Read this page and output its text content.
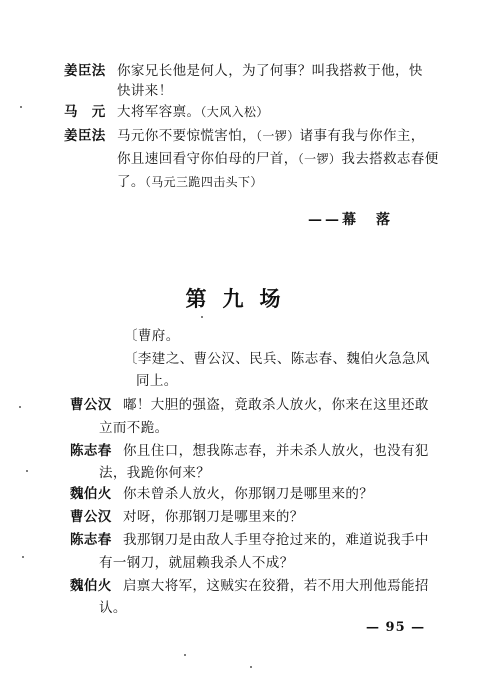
姜臣法 你家兄长他是何人，为了何事？叫我搭救于他，快
快讲来！
马　元 大将军容禀。（大风入松）
姜臣法 马元你不要惊慌害怕，（一锣）诸事有我与你作主，
你且速回看守你伯母的尸首，（一锣）我去搭救志春便
了。（马元三跪四击头下）
——幕　落
第九场
〔曹府。
〔李建之、曹公汉、民兵、陈志春、魏伯火急急风
同上。
曹公汉 嘟！大胆的强盗，竟敢杀人放火，你来在这里还敢
立而不跪。
陈志春 你且住口，想我陈志春，并未杀人放火，也没有犯
法，我跪你何来？
魏伯火 你未曾杀人放火，你那钢刀是哪里来的？
曹公汉 对呀，你那钢刀是哪里来的？
陈志春 我那钢刀是由敌人手里夺抢过来的，难道说我手中
有一钢刀，就屈赖我杀人不成？
魏伯火 启禀大将军，这贼实在狡猾，若不用大刑他焉能招
认。
— 95 —
